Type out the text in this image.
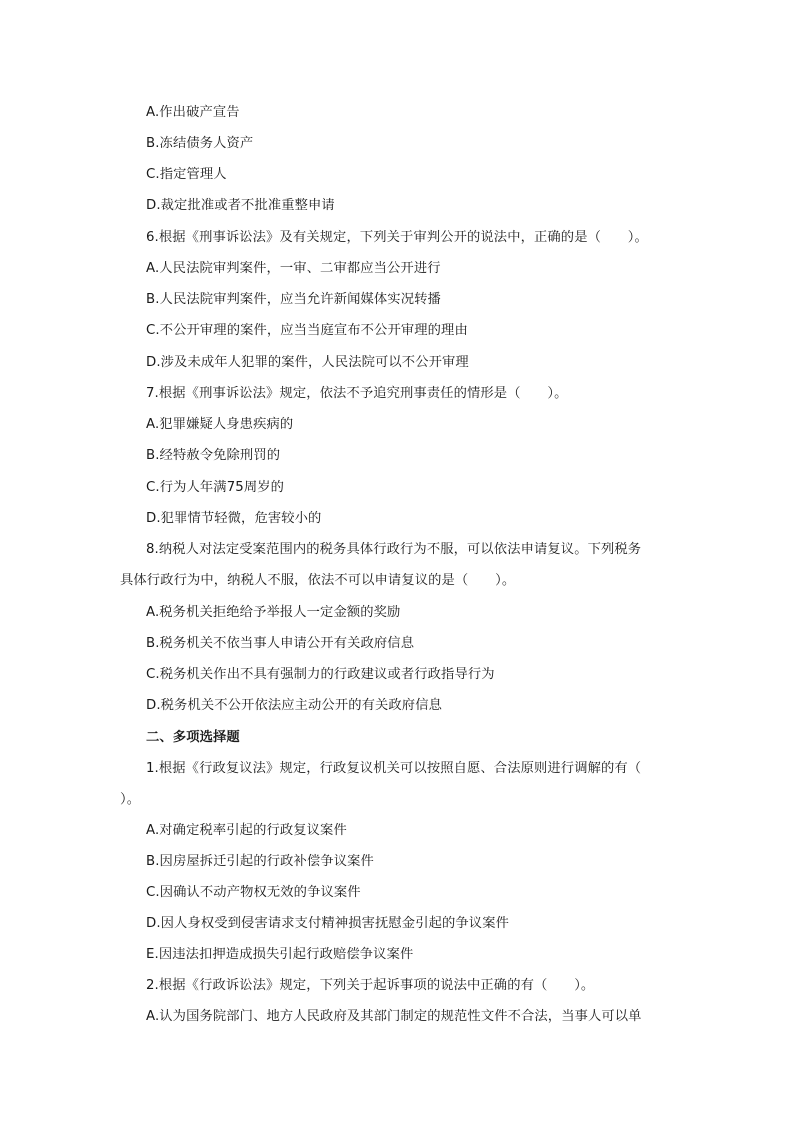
A.作出破产宣告
B.冻结债务人资产
C.指定管理人
D.裁定批准或者不批准重整申请
6.根据《刑事诉讼法》及有关规定，下列关于审判公开的说法中，正确的是（　　）。
A.人民法院审判案件，一审、二审都应当公开进行
B.人民法院审判案件，应当允许新闻媒体实况转播
C.不公开审理的案件，应当当庭宣布不公开审理的理由
D.涉及未成年人犯罪的案件，人民法院可以不公开审理
7.根据《刑事诉讼法》规定，依法不予追究刑事责任的情形是（　　）。
A.犯罪嫌疑人身患疾病的
B.经特赦令免除刑罚的
C.行为人年满75周岁的
D.犯罪情节轻微，危害较小的
8.纳税人对法定受案范围内的税务具体行政行为不服，可以依法申请复议。下列税务
具体行政行为中，纳税人不服，依法不可以申请复议的是（　　）。
A.税务机关拒绝给予举报人一定金额的奖励
B.税务机关不依当事人申请公开有关政府信息
C.税务机关作出不具有强制力的行政建议或者行政指导行为
D.税务机关不公开依法应主动公开的有关政府信息
二、多项选择题
1.根据《行政复议法》规定，行政复议机关可以按照自愿、合法原则进行调解的有（
）。
A.对确定税率引起的行政复议案件
B.因房屋拆迁引起的行政补偿争议案件
C.因确认不动产物权无效的争议案件
D.因人身权受到侵害请求支付精神损害抚慰金引起的争议案件
E.因违法扣押造成损失引起行政赔偿争议案件
2.根据《行政诉讼法》规定，下列关于起诉事项的说法中正确的有（　　）。
A.认为国务院部门、地方人民政府及其部门制定的规范性文件不合法，当事人可以单
